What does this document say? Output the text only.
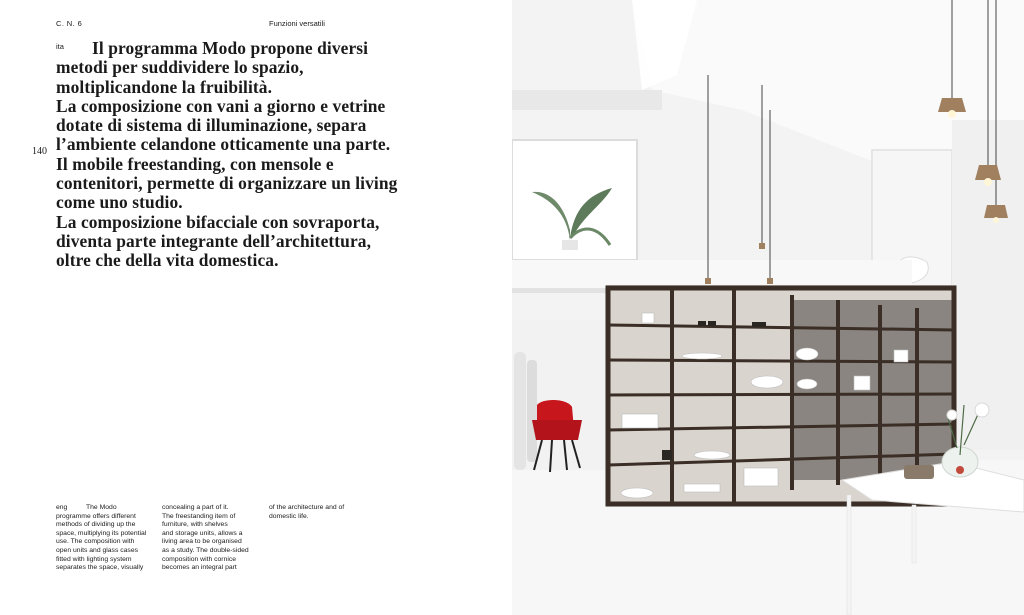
C. N. 6	Funzioni versatili
140
ita	Il programma Modo propone diversi metodi per suddividere lo spazio, moltiplicandone la fruibilità.

La composizione con vani a giorno e vetrine dotate di sistema di illuminazione, separa l’ambiente celandone otticamente una parte.

Il mobile freestanding, con mensole e contenitori, permette di organizzare un living come uno studio.

La composizione bifacciale con sovraporta, diventa parte integrante dell’architettura, oltre che della vita domestica.

eng	The Modo
programme offers different
methods of dividing up the
space, multiplying its potential
use. The composition with
open units and glass cases
fitted with lighting system
separates the space, visually
concealing a part of it.
The freestanding item of
furniture, with shelves
and storage units, allows a
living area to be organised
as a study. The double-sided
composition with cornice
becomes an integral part
of the architecture and of
domestic life.
